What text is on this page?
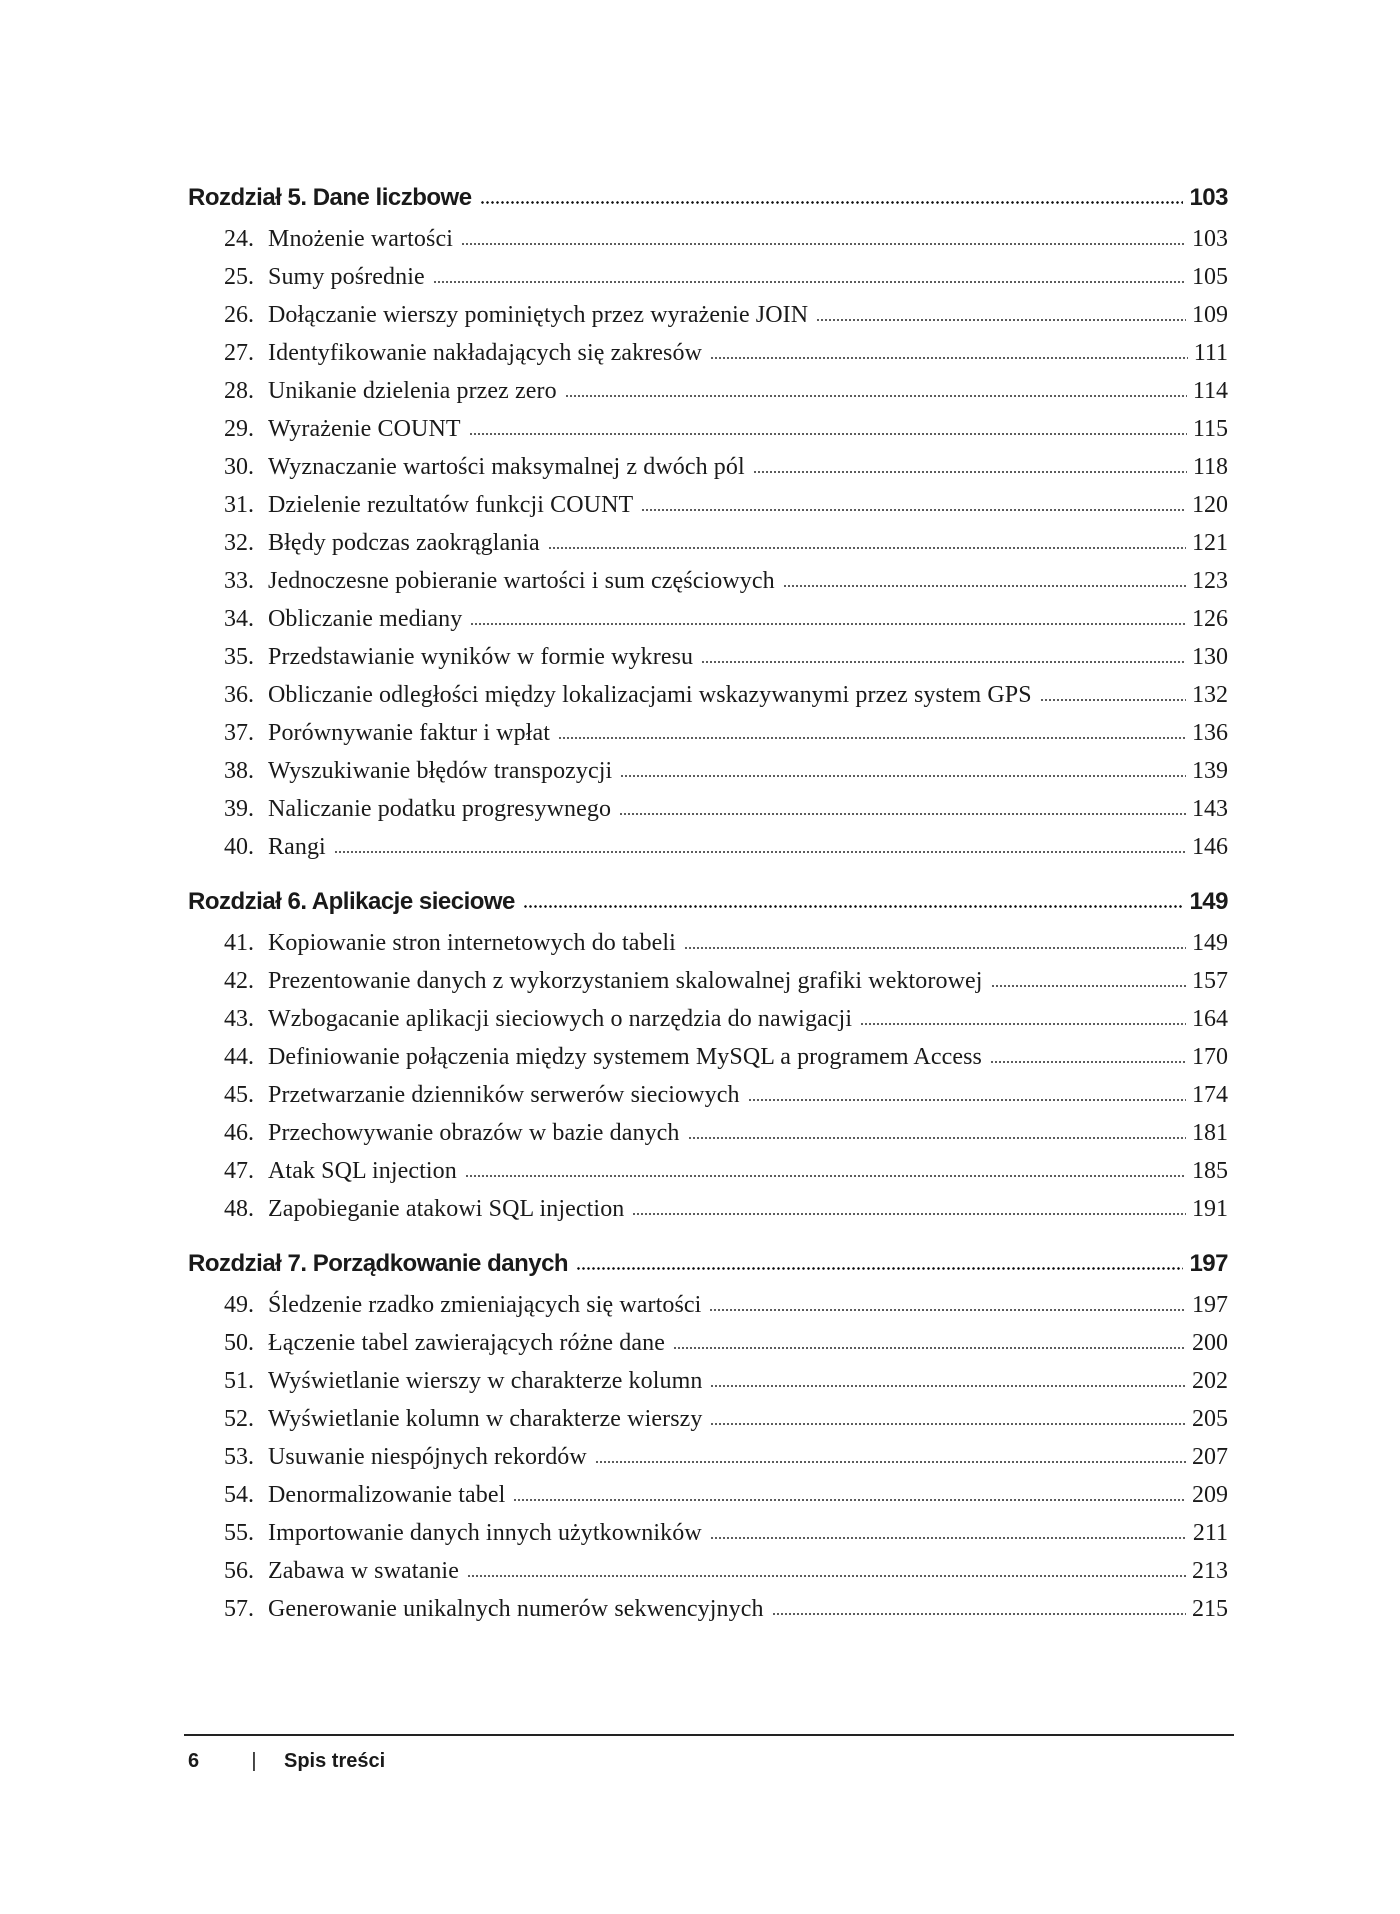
Rozdział 5. Dane liczbowe	103
24. Mnożenie wartości	103
25. Sumy pośrednie	105
26. Dołączanie wierszy pominiętych przez wyrażenie JOIN	109
27. Identyfikowanie nakładających się zakresów	111
28. Unikanie dzielenia przez zero	114
29. Wyrażenie COUNT	115
30. Wyznaczanie wartości maksymalnej z dwóch pól	118
31. Dzielenie rezultatów funkcji COUNT	120
32. Błędy podczas zaokrąglania	121
33. Jednoczesne pobieranie wartości i sum częściowych	123
34. Obliczanie mediany	126
35. Przedstawianie wyników w formie wykresu	130
36. Obliczanie odległości między lokalizacjami wskazywanymi przez system GPS	132
37. Porównywanie faktur i wpłat	136
38. Wyszukiwanie błędów transpozycji	139
39. Naliczanie podatku progresywnego	143
40. Rangi	146
Rozdział 6. Aplikacje sieciowe	149
41. Kopiowanie stron internetowych do tabeli	149
42. Prezentowanie danych z wykorzystaniem skalowalnej grafiki wektorowej	157
43. Wzbogacanie aplikacji sieciowych o narzędzia do nawigacji	164
44. Definiowanie połączenia między systemem MySQL a programem Access	170
45. Przetwarzanie dzienników serwerów sieciowych	174
46. Przechowywanie obrazów w bazie danych	181
47. Atak SQL injection	185
48. Zapobieganie atakowi SQL injection	191
Rozdział 7. Porządkowanie danych	197
49. Śledzenie rzadko zmieniających się wartości	197
50. Łączenie tabel zawierających różne dane	200
51. Wyświetlanie wierszy w charakterze kolumn	202
52. Wyświetlanie kolumn w charakterze wierszy	205
53. Usuwanie niespójnych rekordów	207
54. Denormalizowanie tabel	209
55. Importowanie danych innych użytkowników	211
56. Zabawa w swatanie	213
57. Generowanie unikalnych numerów sekwencyjnych	215
6	|	Spis treści
